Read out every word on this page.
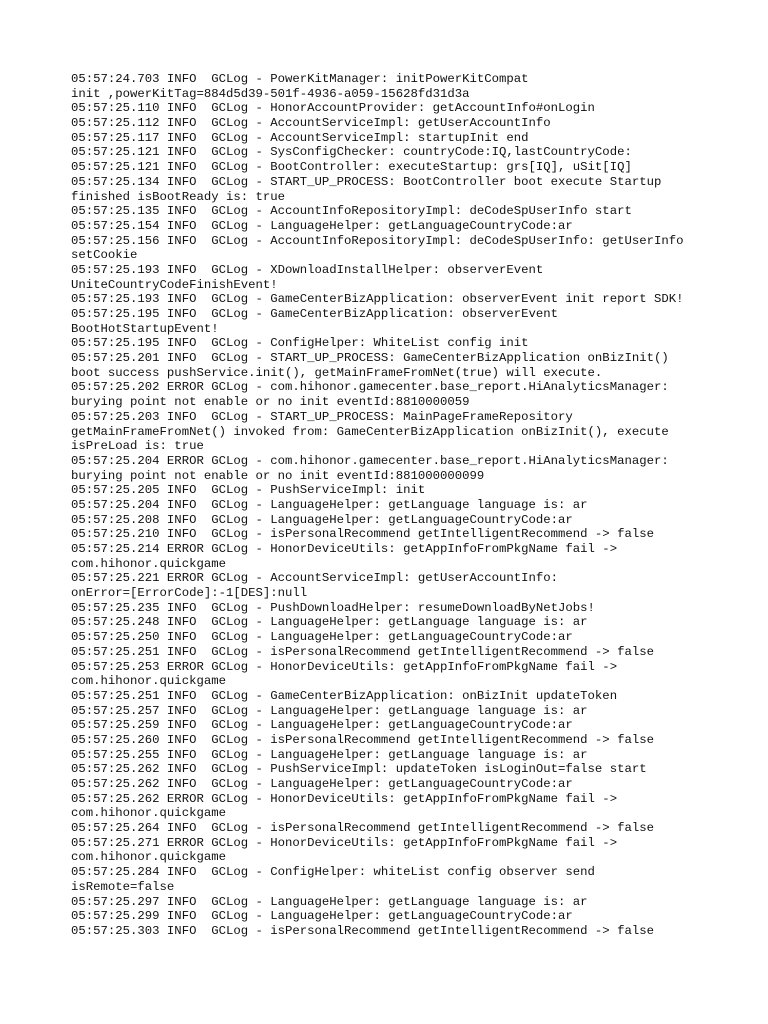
05:57:24.703 INFO  GCLog - PowerKitManager: initPowerKitCompat
init ,powerKitTag=884d5d39-501f-4936-a059-15628fd31d3a
05:57:25.110 INFO  GCLog - HonorAccountProvider: getAccountInfo#onLogin
05:57:25.112 INFO  GCLog - AccountServiceImpl: getUserAccountInfo
05:57:25.117 INFO  GCLog - AccountServiceImpl: startupInit end
05:57:25.121 INFO  GCLog - SysConfigChecker: countryCode:IQ,lastCountryCode:
05:57:25.121 INFO  GCLog - BootController: executeStartup: grs[IQ], uSit[IQ]
05:57:25.134 INFO  GCLog - START_UP_PROCESS: BootController boot execute Startup
finished isBootReady is: true
05:57:25.135 INFO  GCLog - AccountInfoRepositoryImpl: deCodeSpUserInfo start
05:57:25.154 INFO  GCLog - LanguageHelper: getLanguageCountryCode:ar
05:57:25.156 INFO  GCLog - AccountInfoRepositoryImpl: deCodeSpUserInfo: getUserInfo
setCookie
05:57:25.193 INFO  GCLog - XDownloadInstallHelper: observerEvent
UniteCountryCodeFinishEvent!
05:57:25.193 INFO  GCLog - GameCenterBizApplication: observerEvent init report SDK!
05:57:25.195 INFO  GCLog - GameCenterBizApplication: observerEvent
BootHotStartupEvent!
05:57:25.195 INFO  GCLog - ConfigHelper: WhiteList config init
05:57:25.201 INFO  GCLog - START_UP_PROCESS: GameCenterBizApplication onBizInit()
boot success pushService.init(), getMainFrameFromNet(true) will execute.
05:57:25.202 ERROR GCLog - com.hihonor.gamecenter.base_report.HiAnalyticsManager:
burying point not enable or no init eventId:8810000059
05:57:25.203 INFO  GCLog - START_UP_PROCESS: MainPageFrameRepository
getMainFrameFromNet() invoked from: GameCenterBizApplication onBizInit(), execute
isPreLoad is: true
05:57:25.204 ERROR GCLog - com.hihonor.gamecenter.base_report.HiAnalyticsManager:
burying point not enable or no init eventId:881000000099
05:57:25.205 INFO  GCLog - PushServiceImpl: init
05:57:25.204 INFO  GCLog - LanguageHelper: getLanguage language is: ar
05:57:25.208 INFO  GCLog - LanguageHelper: getLanguageCountryCode:ar
05:57:25.210 INFO  GCLog - isPersonalRecommend getIntelligentRecommend -> false
05:57:25.214 ERROR GCLog - HonorDeviceUtils: getAppInfoFromPkgName fail ->
com.hihonor.quickgame
05:57:25.221 ERROR GCLog - AccountServiceImpl: getUserAccountInfo:
onError=[ErrorCode]:-1[DES]:null
05:57:25.235 INFO  GCLog - PushDownloadHelper: resumeDownloadByNetJobs!
05:57:25.248 INFO  GCLog - LanguageHelper: getLanguage language is: ar
05:57:25.250 INFO  GCLog - LanguageHelper: getLanguageCountryCode:ar
05:57:25.251 INFO  GCLog - isPersonalRecommend getIntelligentRecommend -> false
05:57:25.253 ERROR GCLog - HonorDeviceUtils: getAppInfoFromPkgName fail ->
com.hihonor.quickgame
05:57:25.251 INFO  GCLog - GameCenterBizApplication: onBizInit updateToken
05:57:25.257 INFO  GCLog - LanguageHelper: getLanguage language is: ar
05:57:25.259 INFO  GCLog - LanguageHelper: getLanguageCountryCode:ar
05:57:25.260 INFO  GCLog - isPersonalRecommend getIntelligentRecommend -> false
05:57:25.255 INFO  GCLog - LanguageHelper: getLanguage language is: ar
05:57:25.262 INFO  GCLog - PushServiceImpl: updateToken isLoginOut=false start
05:57:25.262 INFO  GCLog - LanguageHelper: getLanguageCountryCode:ar
05:57:25.262 ERROR GCLog - HonorDeviceUtils: getAppInfoFromPkgName fail ->
com.hihonor.quickgame
05:57:25.264 INFO  GCLog - isPersonalRecommend getIntelligentRecommend -> false
05:57:25.271 ERROR GCLog - HonorDeviceUtils: getAppInfoFromPkgName fail ->
com.hihonor.quickgame
05:57:25.284 INFO  GCLog - ConfigHelper: whiteList config observer send
isRemote=false
05:57:25.297 INFO  GCLog - LanguageHelper: getLanguage language is: ar
05:57:25.299 INFO  GCLog - LanguageHelper: getLanguageCountryCode:ar
05:57:25.303 INFO  GCLog - isPersonalRecommend getIntelligentRecommend -> false
